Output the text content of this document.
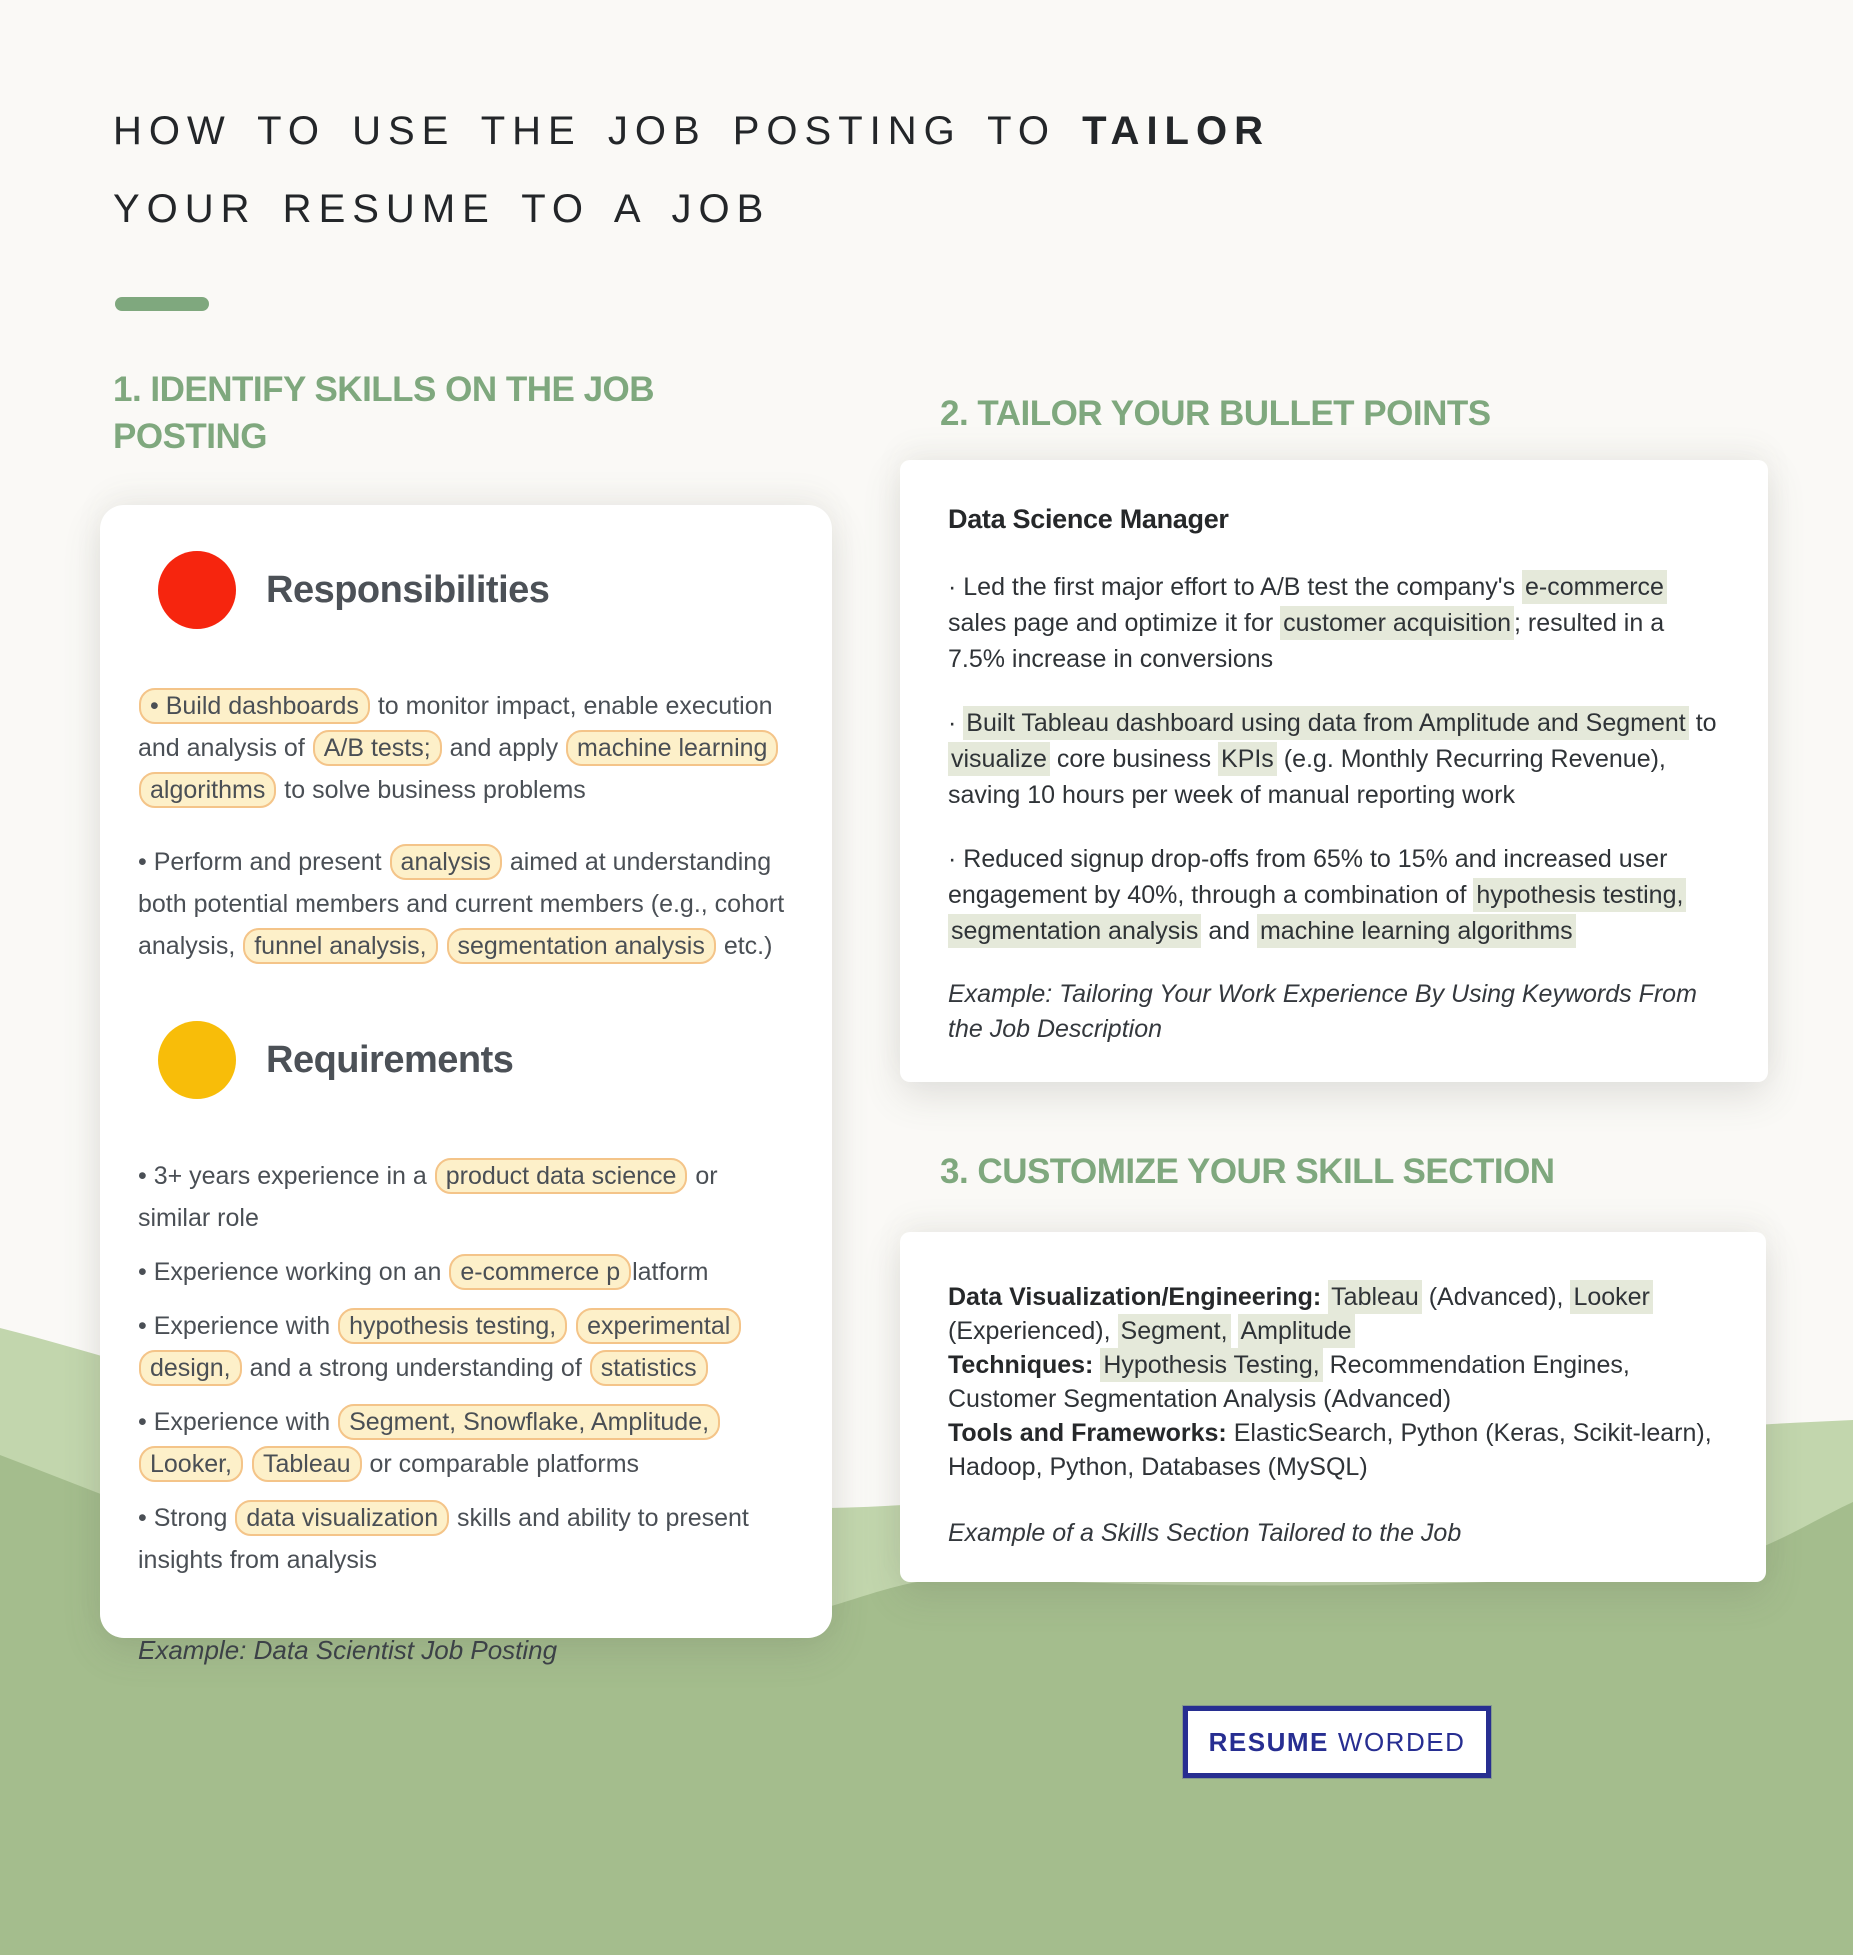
HOW TO USE THE JOB POSTING TO TAILOR
YOUR RESUME TO A JOB
1. IDENTIFY SKILLS ON THE JOB POSTING
Responsibilities
• Build dashboards to monitor impact, enable execution and analysis of A/B tests; and apply machine learning algorithms to solve business problems
• Perform and present analysis aimed at understanding both potential members and current members (e.g., cohort analysis, funnel analysis, segmentation analysis etc.)
Requirements
• 3+ years experience in a product data science or similar role
• Experience working on an e-commerce p latform
• Experience with hypothesis testing, experimental design, and a strong understanding of statistics
• Experience with Segment, Snowflake, Amplitude, Looker, Tableau or comparable platforms
• Strong data visualization skills and ability to present insights from analysis
Example: Data Scientist Job Posting
2. TAILOR YOUR BULLET POINTS
Data Science Manager
· Led the first major effort to A/B test the company's e-commerce sales page and optimize it for customer acquisition ; resulted in a 7.5% increase in conversions
· Built Tableau dashboard using data from Amplitude and Segment to visualize core business KPIs (e.g. Monthly Recurring Revenue), saving 10 hours per week of manual reporting work
· Reduced signup drop-offs from 65% to 15% and increased user engagement by 40%, through a combination of hypothesis testing, segmentation analysis and machine learning algorithms
Example: Tailoring Your Work Experience By Using Keywords From the Job Description
3. CUSTOMIZE YOUR SKILL SECTION
Data Visualization/Engineering: Tableau (Advanced), Looker (Experienced), Segment, Amplitude
Techniques: Hypothesis Testing, Recommendation Engines, Customer Segmentation Analysis (Advanced)
Tools and Frameworks: ElasticSearch, Python (Keras, Scikit-learn), Hadoop, Python, Databases (MySQL)
Example of a Skills Section Tailored to the Job
RESUME WORDED
